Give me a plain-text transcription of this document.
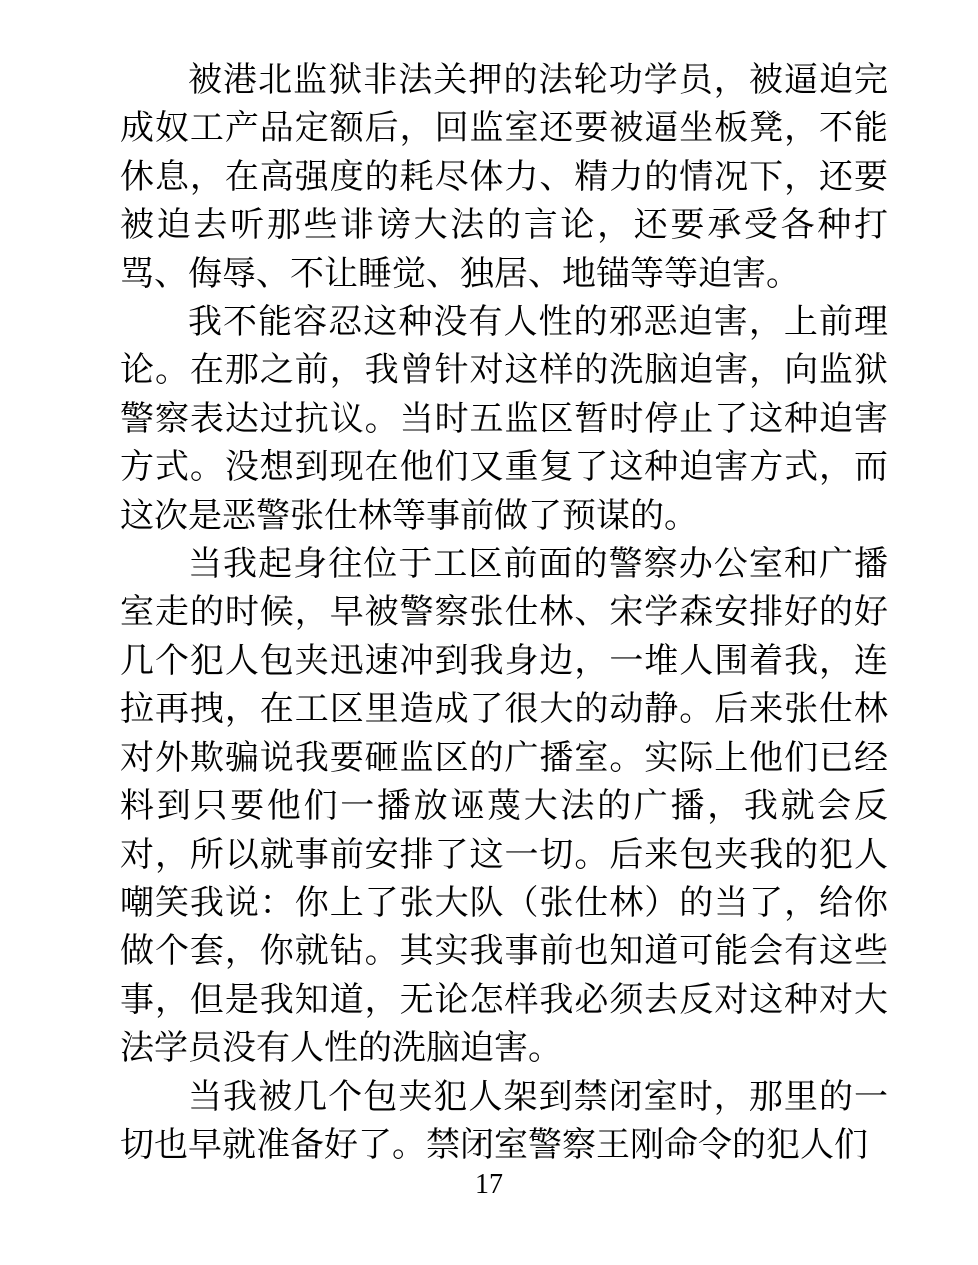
被港北监狱非法关押的法轮功学员，被逼迫完成奴工产品定额后，回监室还要被逼坐板凳，不能休息，在高强度的耗尽体力、精力的情况下，还要被迫去听那些诽谤大法的言论，还要承受各种打骂、侮辱、不让睡觉、独居、地锚等等迫害。

我不能容忍这种没有人性的邪恶迫害，上前理论。在那之前，我曾针对这样的洗脑迫害，向监狱警察表达过抗议。当时五监区暂时停止了这种迫害方式。没想到现在他们又重复了这种迫害方式，而这次是恶警张仕林等事前做了预谋的。

当我起身往位于工区前面的警察办公室和广播室走的时候，早被警察张仕林、宋学森安排好的好几个犯人包夹迅速冲到我身边，一堆人围着我，连拉再拽，在工区里造成了很大的动静。后来张仕林对外欺骗说我要砸监区的广播室。实际上他们已经料到只要他们一播放诬蔑大法的广播，我就会反对，所以就事前安排了这一切。后来包夹我的犯人嘲笑我说：你上了张大队（张仕林）的当了，给你做个套，你就钻。其实我事前也知道可能会有这些事，但是我知道，无论怎样我必须去反对这种对大法学员没有人性的洗脑迫害。

当我被几个包夹犯人架到禁闭室时，那里的一切也早就准备好了。禁闭室警察王刚命令的犯人们

17
